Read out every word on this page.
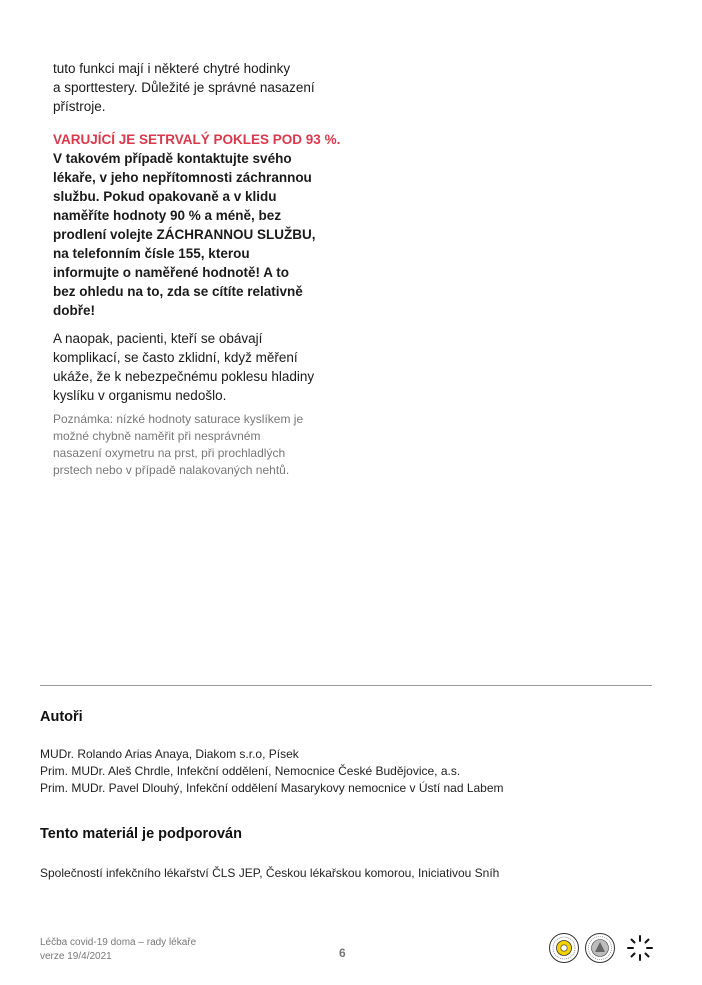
tuto funkci mají i některé chytré hodinky
a sporttestery. Důležité je správné nasazení
přístroje.
VARUJÍCÍ JE SETRVALÝ POKLES POD 93 %.
V takovém případě kontaktujte svého
lékaře, v jeho nepřítomnosti záchrannou
službu. Pokud opakovaně a v klidu
naměříte hodnoty 90 % a méně, bez
prodlení volejte ZÁCHRANNOU SLUŽBU,
na telefonním čísle 155, kterou
informujte o naměřené hodnotě! A to
bez ohledu na to, zda se cítíte relativně
dobře!
A naopak, pacienti, kteří se obávají
komplikací, se často zklidní, když měření
ukáže, že k nebezpečnému poklesu hladiny
kyslíku v organismu nedošlo.
Poznámka: nízké hodnoty saturace kyslíkem je
možné chybně naměřit při nesprávném
nasazení oxymetru na prst, při prochladlých
prstech nebo v případě nalakovaných nehtů.
Autoři
MUDr. Rolando Arias Anaya, Diakom s.r.o, Písek
Prim. MUDr. Aleš Chrdle, Infekční oddělení, Nemocnice České Budějovice, a.s.
Prim. MUDr. Pavel Dlouhý, Infekční oddělení Masarykovy nemocnice v Ústí nad Labem
Tento materiál je podporován
Společností infekčního lékařství ČLS JEP, Českou lékařskou komorou, Iniciativou Sníh
Léčba covid-19 doma – rady lékaře
verze 19/4/2021	6
